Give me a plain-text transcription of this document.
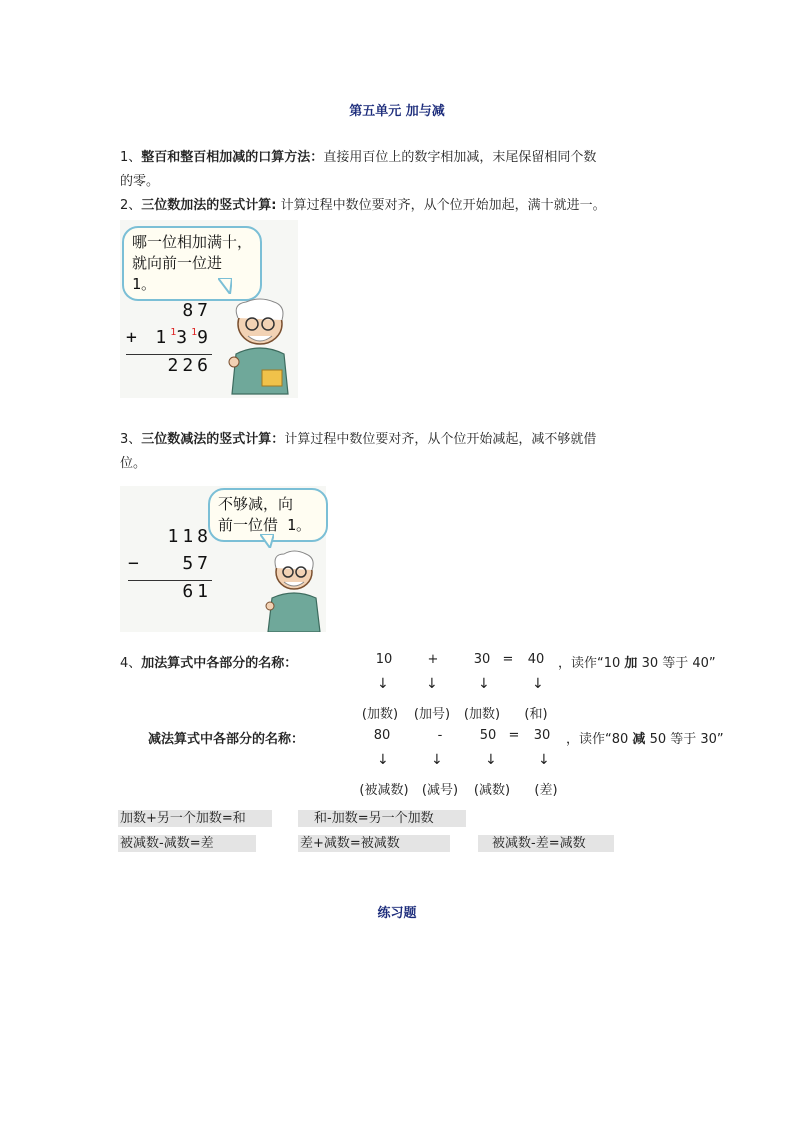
第五单元 加与减
1、整百和整百相加减的口算方法：直接用百位上的数字相加减，末尾保留相同个数
的零。
2、三位数加法的竖式计算: 计算过程中数位要对齐，从个位开始加起，满十就进一。
哪一位相加满十，
就向前一位进 1。
87
+ $1^13^19$
226
3、三位数减法的竖式计算：计算过程中数位要对齐，从个位开始减起，减不够就借
位。
不够减，向
前一位借 1。
118
− 57
61
4、加法算式中各部分的名称：	10	+	30 =	40	，读作“10 加 30 等于 40”
↓	↓	↓	↓
(加数)	(加号)	(加数)	(和)
减法算式中各部分的名称：	80	-	50 =	30	，读作“80 减 50 等于 30”
↓	↓	↓	↓
(被减数)	(减号)	(减数)	(差)
加数+另一个加数=和	和-加数=另一个加数
被减数-减数=差	差+减数=被减数	被减数-差=减数
练习题
